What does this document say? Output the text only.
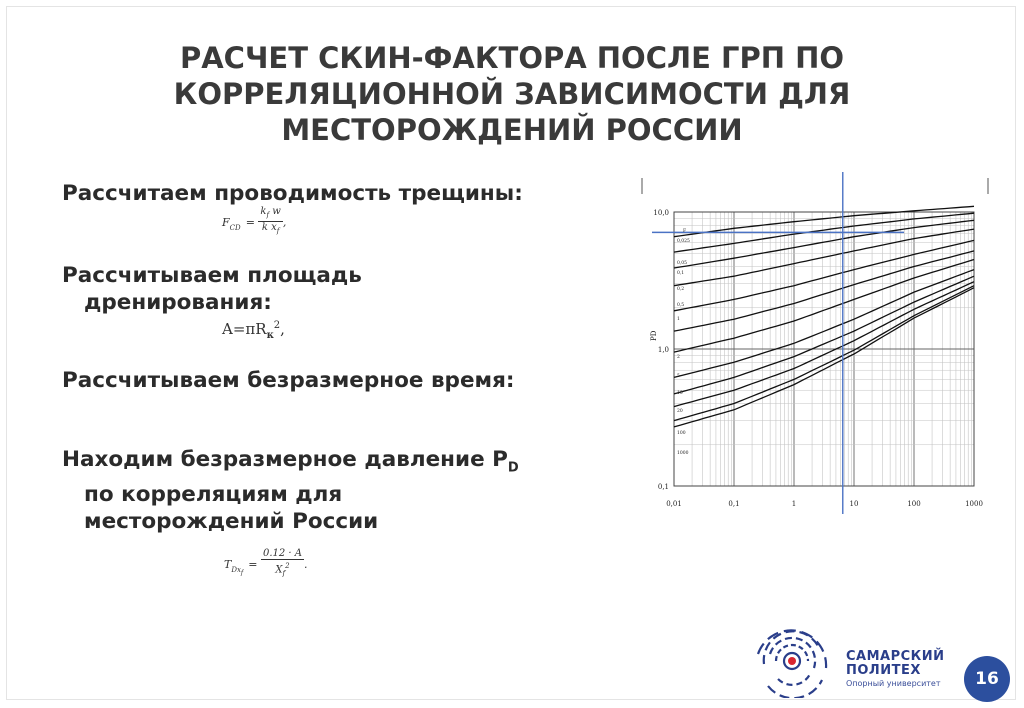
РАСЧЕТ СКИН-ФАКТОРА ПОСЛЕ ГРП ПО
КОРРЕЛЯЦИОННОЙ ЗАВИСИМОСТИ ДЛЯ
МЕСТОРОЖДЕНИЙ РОССИИ
Рассчитаем проводимость трещины:
$F_{CD} = \frac{k_f w}{k x_f}$ ,
Рассчитываем площадь
дренирования:
$A=\pi R_к^2$,
Рассчитываем безразмерное время:
Находим безразмерное давление $P_D$
по корреляциям для
месторождений России
$T_{Dx_f} = \frac{0.12 \cdot A}{X_f^2}$ .
0,01	0,1	1	10	100	1000
0,1
1,0
10,0
PD
F
0,025
0,05
0,1
0,2
0,5
1
2
5
10
20
100
1000
САМАРСКИЙ
ПОЛИТЕХ
Опорный университет	16
